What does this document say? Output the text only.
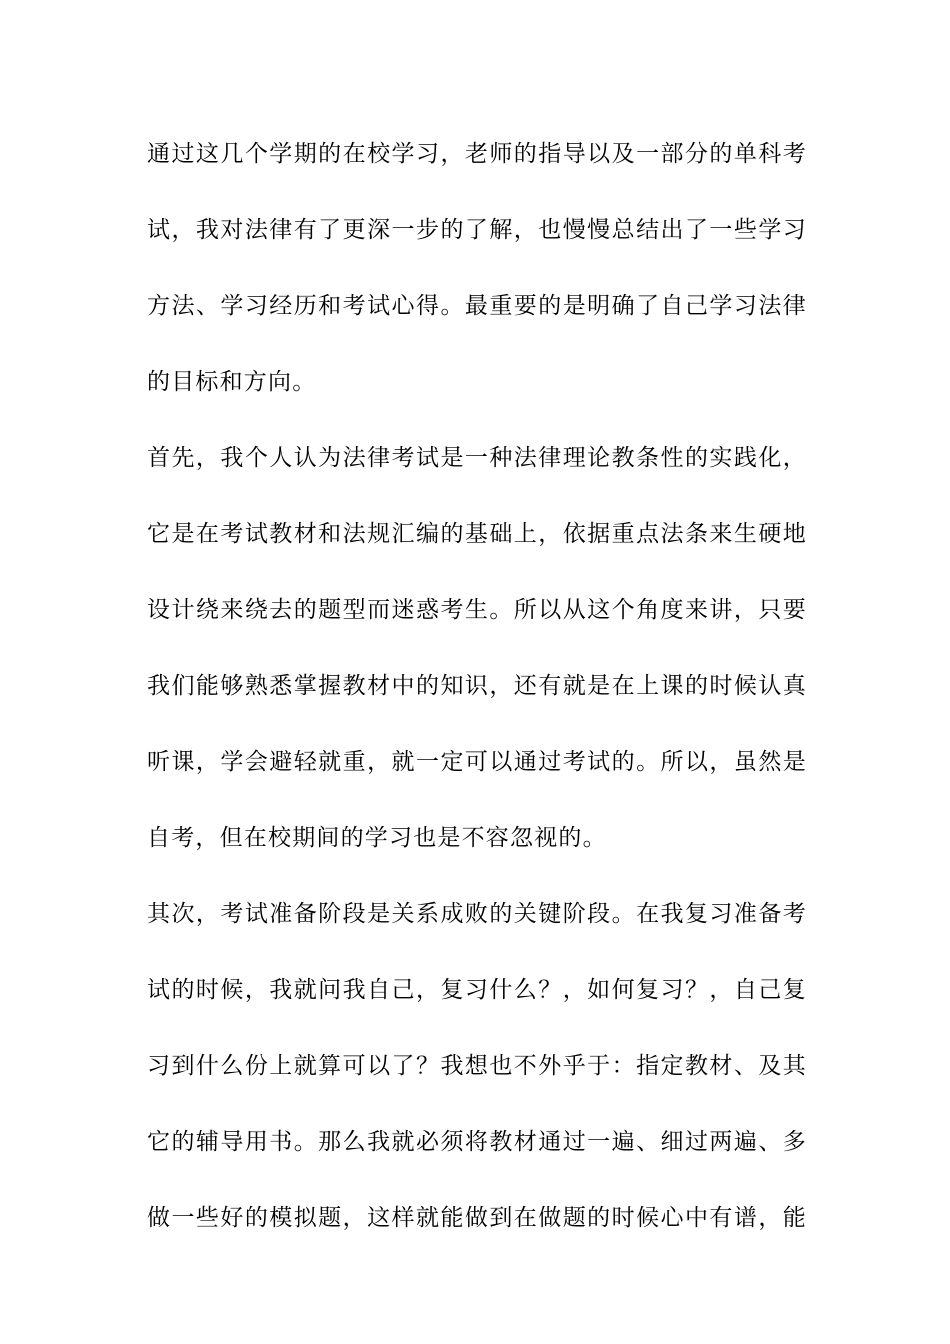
通过这几个学期的在校学习，老师的指导以及一部分的单科考
试，我对法律有了更深一步的了解，也慢慢总结出了一些学习
方法、学习经历和考试心得。最重要的是明确了自己学习法律
的目标和方向。
首先，我个人认为法律考试是一种法律理论教条性的实践化，
它是在考试教材和法规汇编的基础上，依据重点法条来生硬地
设计绕来绕去的题型而迷惑考生。所以从这个角度来讲，只要
我们能够熟悉掌握教材中的知识，还有就是在上课的时候认真
听课，学会避轻就重，就一定可以通过考试的。所以，虽然是
自考，但在校期间的学习也是不容忽视的。
其次，考试准备阶段是关系成败的关键阶段。在我复习准备考
试的时候，我就问我自己，复习什么？，如何复习？，自己复
习到什么份上就算可以了？我想也不外乎于：指定教材、及其
它的辅导用书。那么我就必须将教材通过一遍、细过两遍、多
做一些好的模拟题，这样就能做到在做题的时候心中有谱，能
